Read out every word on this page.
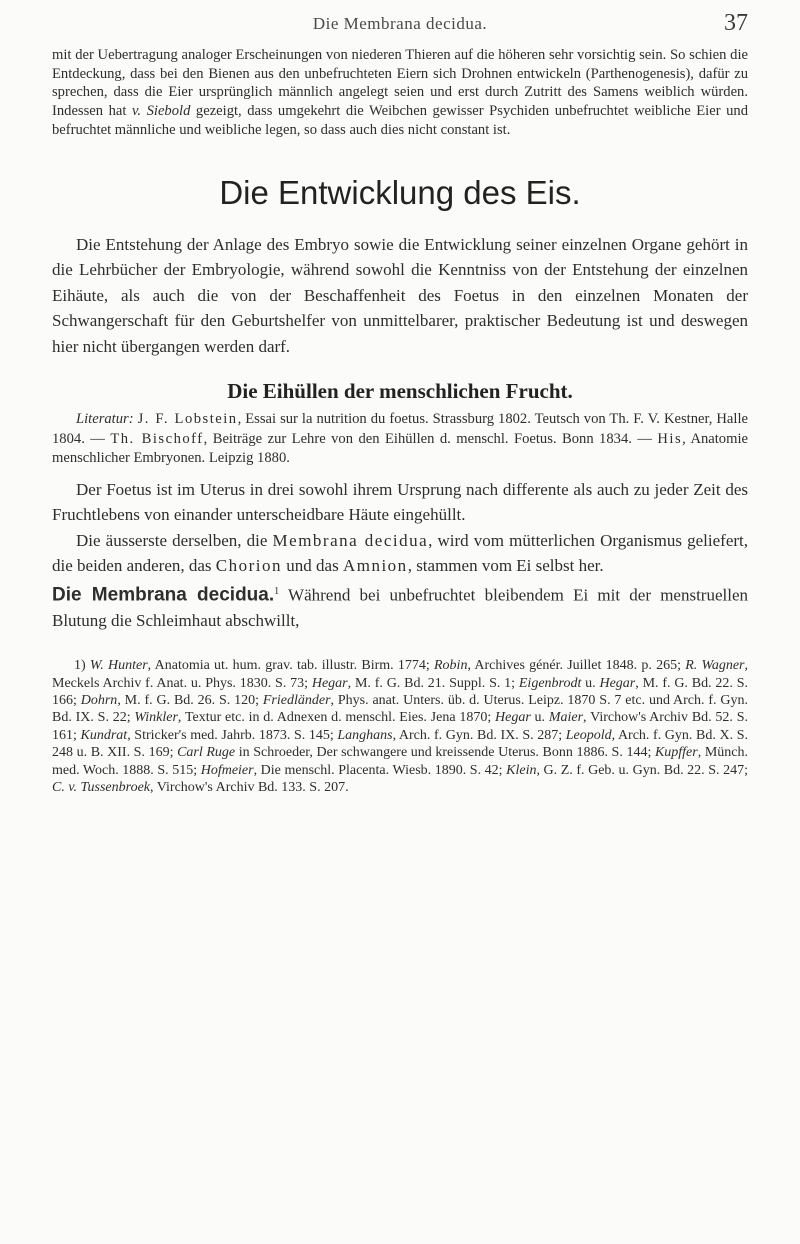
Die Membrana decidua.	37

mit der Uebertragung analoger Erscheinungen von niederen Thieren auf die höheren sehr vorsichtig sein. So schien die Entdeckung, dass bei den Bienen aus den unbefruchteten Eiern sich Drohnen entwickeln (Parthenogenesis), dafür zu sprechen, dass die Eier ursprünglich männlich angelegt seien und erst durch Zutritt des Samens weiblich würden. Indessen hat v. Siebold gezeigt, dass umgekehrt die Weibchen gewisser Psychiden unbefruchtet weibliche Eier und befruchtet männliche und weibliche legen, so dass auch dies nicht constant ist.

Die Entwicklung des Eis.

Die Entstehung der Anlage des Embryo sowie die Entwicklung seiner einzelnen Organe gehört in die Lehrbücher der Embryologie, während sowohl die Kenntniss von der Entstehung der einzelnen Eihäute, als auch die von der Beschaffenheit des Foetus in den einzelnen Monaten der Schwangerschaft für den Geburtshelfer von unmittelbarer, praktischer Bedeutung ist und deswegen hier nicht übergangen werden darf.

Die Eihüllen der menschlichen Frucht.

Literatur: J. F. Lobstein, Essai sur la nutrition du foetus. Strassburg 1802. Teutsch von Th. F. V. Kestner, Halle 1804. — Th. Bischoff, Beiträge zur Lehre von den Eihüllen d. menschl. Foetus. Bonn 1834. — His, Anatomie menschlicher Embryonen. Leipzig 1880.

Der Foetus ist im Uterus in drei sowohl ihrem Ursprung nach differente als auch zu jeder Zeit des Fruchtlebens von einander unterscheidbare Häute eingehüllt.

Die äusserste derselben, die Membrana decidua, wird vom mütterlichen Organismus geliefert, die beiden anderen, das Chorion und das Amnion, stammen vom Ei selbst her.

Die Membrana decidua.$^1$ Während bei unbefruchtet bleibendem Ei mit der menstruellen Blutung die Schleimhaut abschwillt,

1) W. Hunter, Anatomia ut. hum. grav. tab. illustr. Birm. 1774; Robin, Archives génér. Juillet 1848. p. 265; R. Wagner, Meckels Archiv f. Anat. u. Phys. 1830. S. 73; Hegar, M. f. G. Bd. 21. Suppl. S. 1; Eigenbrodt u. Hegar, M. f. G. Bd. 22. S. 166; Dohrn, M. f. G. Bd. 26. S. 120; Friedländer, Phys. anat. Unters. üb. d. Uterus. Leipz. 1870 S. 7 etc. und Arch. f. Gyn. Bd. IX. S. 22; Winkler, Textur etc. in d. Adnexen d. menschl. Eies. Jena 1870; Hegar u. Maier, Virchow's Archiv Bd. 52. S. 161; Kundrat, Stricker's med. Jahrb. 1873. S. 145; Langhans, Arch. f. Gyn. Bd. IX. S. 287; Leopold, Arch. f. Gyn. Bd. X. S. 248 u. B. XII. S. 169; Carl Ruge in Schroeder, Der schwangere und kreissende Uterus. Bonn 1886. S. 144; Kupffer, Münch. med. Woch. 1888. S. 515; Hofmeier, Die menschl. Placenta. Wiesb. 1890. S. 42; Klein, G. Z. f. Geb. u. Gyn. Bd. 22. S. 247; C. v. Tussenbroek, Virchow's Archiv Bd. 133. S. 207.
